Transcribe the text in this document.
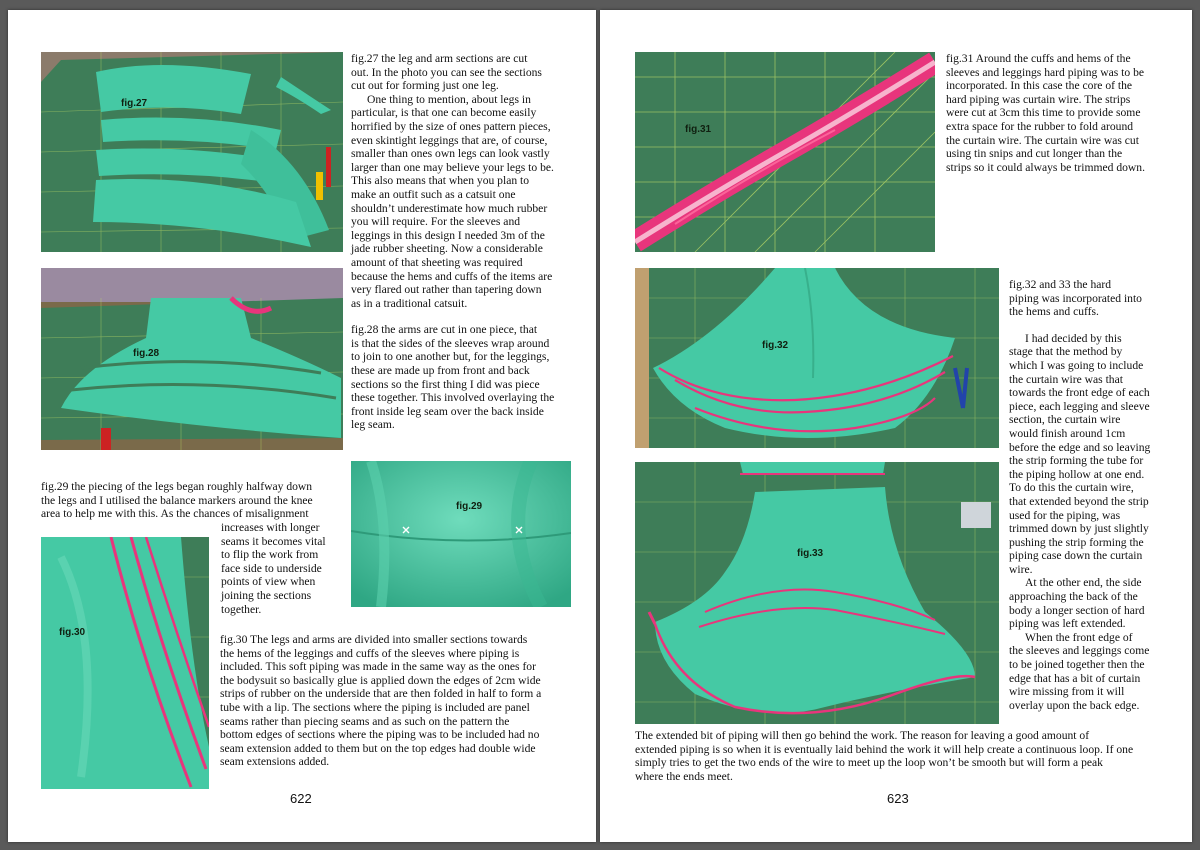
fig.27
fig.28

fig.27 the leg and arm sections are cut

out. In the photo you can see the sections

cut out for forming just one leg.

One thing to mention, about legs in

particular, is that one can become easily

horrified by the size of ones pattern pieces,

even skintight leggings that are, of course,

smaller than ones own legs can look vastly

larger than one may believe your legs to be.

This also means that when you plan to

make an outfit such as a catsuit one

shouldn’t underestimate how much rubber

you will require. For the sleeves and

leggings in this design I needed 3m of the

jade rubber sheeting. Now a considerable

amount of that sheeting was required

because the hems and cuffs of the items are

very flared out rather than tapering down

as in a traditional catsuit.

fig.28 the arms are cut in one piece, that

is that the sides of the sleeves wrap around

to join to one another but, for the leggings,

these are made up from front and back

sections so the first thing I did was piece

these together. This involved overlaying the

front inside leg seam over the back inside

leg seam.

fig.29 the piecing of the legs began roughly halfway down

the legs and I utilised the balance markers around the knee

area to help me with this. As the chances of misalignment

increases with longer

seams it becomes vital

to flip the work from

face side to underside

points of view when

joining the sections

together.

fig.29
fig.30

fig.30 The legs and arms are divided into smaller sections towards

the hems of the leggings and cuffs of the sleeves where piping is

included. This soft piping was made in the same way as the ones for

the bodysuit so basically glue is applied down the edges of 2cm wide

strips of rubber on the underside that are then folded in half to form a

tube with a lip. The sections where the piping is included are panel

seams rather than piecing seams and as such on the pattern the

bottom edges of sections where the piping was to be included had no

seam extension added to them but on the top edges had double wide

seam extensions added.

622
fig.31

fig.31 Around the cuffs and hems of the

sleeves and leggings hard piping was to be

incorporated. In this case the core of the

hard piping was curtain wire. The strips

were cut at 3cm this time to provide some

extra space for the rubber to fold around

the curtain wire. The curtain wire was cut

using tin snips and cut longer than the

strips so it could always be trimmed down.

fig.32
fig.33

fig.32 and 33 the hard

piping was incorporated into

the hems and cuffs.

I had decided by this

stage that the method by

which I was going to include

the curtain wire was that

towards the front edge of each

piece, each legging and sleeve

section, the curtain wire

would finish around 1cm

before the edge and so leaving

the strip forming the tube for

the piping hollow at one end.

To do this the curtain wire,

that extended beyond the strip

used for the piping, was

trimmed down by just slightly

pushing the strip forming the

piping case down the curtain

wire.

At the other end, the side

approaching the back of the

body a longer section of hard

piping was left extended.

When the front edge of

the sleeves and leggings come

to be joined together then the

edge that has a bit of curtain

wire missing from it will

overlay upon the back edge.

The extended bit of piping will then go behind the work. The reason for leaving a good amount of

extended piping is so when it is eventually laid behind the work it will help create a continuous loop. If one

simply tries to get the two ends of the wire to meet up the loop won’t be smooth but will form a peak

where the ends meet.

623
